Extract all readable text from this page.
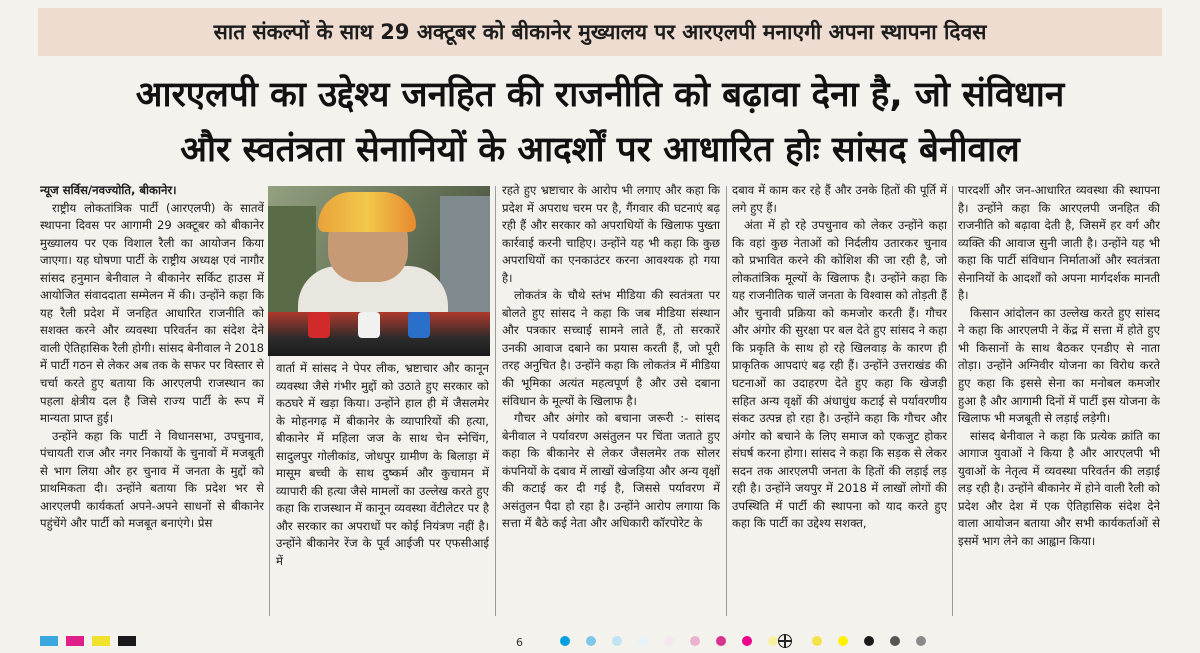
सात संकल्पों के साथ 29 अक्टूबर को बीकानेर मुख्यालय पर आरएलपी मनाएगी अपना स्थापना दिवस
आरएलपी का उद्देश्य जनहित की राजनीति को बढ़ावा देना है, जो संविधान
और स्वतंत्रता सेनानियों के आदर्शों पर आधारित होः सांसद बेनीवाल

न्यूज सर्विस/नवज्योति, बीकानेर।

राष्ट्रीय लोकतांत्रिक पार्टी (आरएलपी) के सातवें स्थापना दिवस पर आगामी 29 अक्टूबर को बीकानेर मुख्यालय पर एक विशाल रैली का आयोजन किया जाएगा। यह घोषणा पार्टी के राष्ट्रीय अध्यक्ष एवं नागौर सांसद हनुमान बेनीवाल ने बीकानेर सर्किट हाउस में आयोजित संवाददाता सम्मेलन में की। उन्होंने कहा कि यह रैली प्रदेश में जनहित आधारित राजनीति को सशक्त करने और व्यवस्था परिवर्तन का संदेश देने वाली ऐतिहासिक रैली होगी। सांसद बेनीवाल ने 2018 में पार्टी गठन से लेकर अब तक के सफर पर विस्तार से चर्चा करते हुए बताया कि आरएलपी राजस्थान का पहला क्षेत्रीय दल है जिसे राज्य पार्टी के रूप में मान्यता प्राप्त हुई।

उन्होंने कहा कि पार्टी ने विधानसभा, उपचुनाव, पंचायती राज और नगर निकायों के चुनावों में मजबूती से भाग लिया और हर चुनाव में जनता के मुद्दों को प्राथमिकता दी। उन्होंने बताया कि प्रदेश भर से आरएलपी कार्यकर्ता अपने-अपने साधनों से बीकानेर पहुंचेंगे और पार्टी को मजबूत बनाएंगे। प्रेस

वार्ता में सांसद ने पेपर लीक, भ्रष्टाचार और कानून व्यवस्था जैसे गंभीर मुद्दों को उठाते हुए सरकार को कठघरे में खड़ा किया। उन्होंने हाल ही में जैसलमेर के मोहनगढ़ में बीकानेर के व्यापारियों की हत्या, बीकानेर में महिला जज के साथ चेन स्नेचिंग, सादुलपुर गोलीकांड, जोधपुर ग्रामीण के बिलाड़ा में मासूम बच्ची के साथ दुष्कर्म और कुचामन में व्यापारी की हत्या जैसे मामलों का उल्लेख करते हुए कहा कि राजस्थान में कानून व्यवस्था वेंटीलेटर पर है और सरकार का अपराधों पर कोई नियंत्रण नहीं है। उन्होंने बीकानेर रेंज के पूर्व आईजी पर एफसीआई में

रहते हुए भ्रष्टाचार के आरोप भी लगाए और कहा कि प्रदेश में अपराध चरम पर है, गैंगवार की घटनाएं बढ़ रही हैं और सरकार को अपराधियों के खिलाफ पुख्ता कार्रवाई करनी चाहिए। उन्होंने यह भी कहा कि कुछ अपराधियों का एनकाउंटर करना आवश्यक हो गया है।

लोकतंत्र के चौथे स्तंभ मीडिया की स्वतंत्रता पर बोलते हुए सांसद ने कहा कि जब मीडिया संस्थान और पत्रकार सच्चाई सामने लाते हैं, तो सरकारें उनकी आवाज दबाने का प्रयास करती हैं, जो पूरी तरह अनुचित है। उन्होंने कहा कि लोकतंत्र में मीडिया की भूमिका अत्यंत महत्वपूर्ण है और उसे दबाना संविधान के मूल्यों के खिलाफ है।

गौचर और अंगोर को बचाना जरूरी :- सांसद बेनीवाल ने पर्यावरण असंतुलन पर चिंता जताते हुए कहा कि बीकानेर से लेकर जैसलमेर तक सोलर कंपनियों के दबाव में लाखों खेजड़िया और अन्य वृक्षों की कटाई कर दी गई है, जिससे पर्यावरण में असंतुलन पैदा हो रहा है। उन्होंने आरोप लगाया कि सत्ता में बैठे कई नेता और अधिकारी कॉरपोरेट के

दबाव में काम कर रहे हैं और उनके हितों की पूर्ति में लगे हुए हैं।

अंता में हो रहे उपचुनाव को लेकर उन्होंने कहा कि वहां कुछ नेताओं को निर्दलीय उतारकर चुनाव को प्रभावित करने की कोशिश की जा रही है, जो लोकतांत्रिक मूल्यों के खिलाफ है। उन्होंने कहा कि यह राजनीतिक चालें जनता के विश्वास को तोड़ती हैं और चुनावी प्रक्रिया को कमजोर करती हैं। गौचर और अंगोर की सुरक्षा पर बल देते हुए सांसद ने कहा कि प्रकृति के साथ हो रहे खिलवाड़ के कारण ही प्राकृतिक आपदाएं बढ़ रही हैं। उन्होंने उत्तराखंड की घटनाओं का उदाहरण देते हुए कहा कि खेजड़ी सहित अन्य वृक्षों की अंधाधुंध कटाई से पर्यावरणीय संकट उत्पन्न हो रहा है। उन्होंने कहा कि गौचर और अंगोर को बचाने के लिए समाज को एकजुट होकर संघर्ष करना होगा। सांसद ने कहा कि सड़क से लेकर सदन तक आरएलपी जनता के हितों की लड़ाई लड़ रही है। उन्होंने जयपुर में 2018 में लाखों लोगों की उपस्थिति में पार्टी की स्थापना को याद करते हुए कहा कि पार्टी का उद्देश्य सशक्त,

पारदर्शी और जन-आधारित व्यवस्था की स्थापना है। उन्होंने कहा कि आरएलपी जनहित की राजनीति को बढ़ावा देती है, जिसमें हर वर्ग और व्यक्ति की आवाज सुनी जाती है। उन्होंने यह भी कहा कि पार्टी संविधान निर्माताओं और स्वतंत्रता सेनानियों के आदर्शों को अपना मार्गदर्शक मानती है।

किसान आंदोलन का उल्लेख करते हुए सांसद ने कहा कि आरएलपी ने केंद्र में सत्ता में होते हुए भी किसानों के साथ बैठकर एनडीए से नाता तोड़ा। उन्होंने अग्निवीर योजना का विरोध करते हुए कहा कि इससे सेना का मनोबल कमजोर हुआ है और आगामी दिनों में पार्टी इस योजना के खिलाफ भी मजबूती से लड़ाई लड़ेगी।

सांसद बेनीवाल ने कहा कि प्रत्येक क्रांति का आगाज युवाओं ने किया है और आरएलपी भी युवाओं के नेतृत्व में व्यवस्था परिवर्तन की लड़ाई लड़ रही है। उन्होंने बीकानेर में होने वाली रैली को प्रदेश और देश में एक ऐतिहासिक संदेश देने वाला आयोजन बताया और सभी कार्यकर्ताओं से इसमें भाग लेने का आह्वान किया।

6
